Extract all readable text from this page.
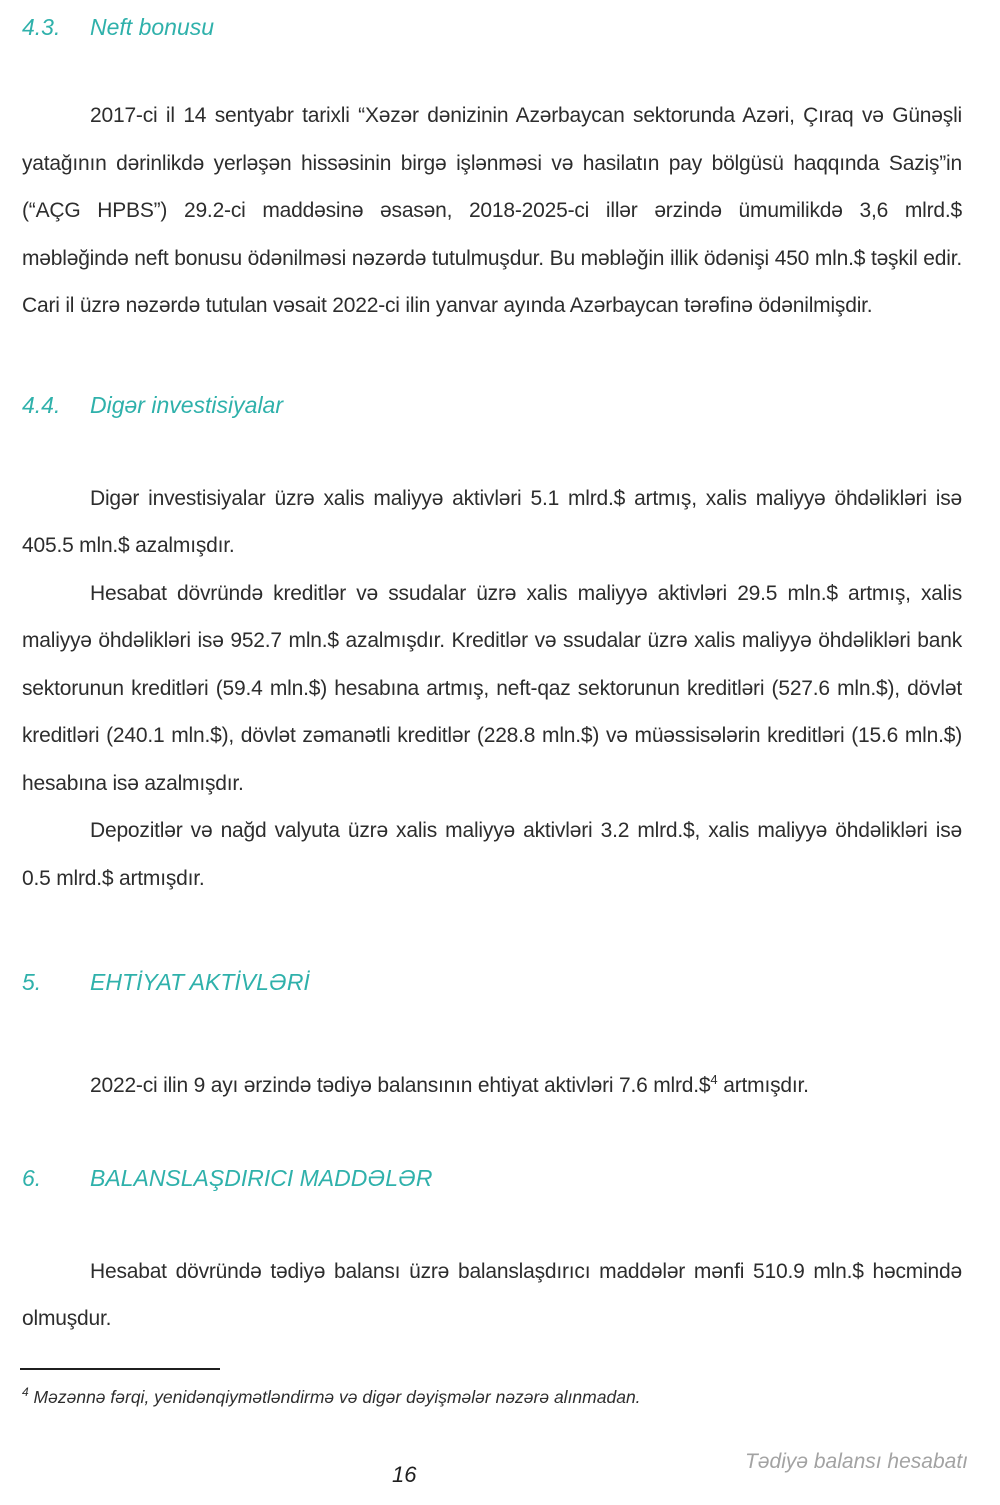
4.3.	Neft bonusu

2017-ci il 14 sentyabr tarixli “Xəzər dənizinin Azərbaycan sektorunda Azəri, Çıraq və Günəşli yatağının dərinlikdə yerləşən hissəsinin birgə işlənməsi və hasilatın pay bölgüsü haqqında Saziş”in (“AÇG HPBS”) 29.2-ci maddəsinə əsasən, 2018-2025-ci illər ərzində ümumilikdə 3,6 mlrd.$ məbləğində neft bonusu ödənilməsi nəzərdə tutulmuşdur. Bu məbləğin illik ödənişi 450 mln.$ təşkil edir. Cari il üzrə nəzərdə tutulan vəsait 2022-ci ilin yanvar ayında Azərbaycan tərəfinə ödənilmişdir.

4.4.	Digər investisiyalar

Digər investisiyalar üzrə xalis maliyyə aktivləri 5.1 mlrd.$ artmış, xalis maliyyə öhdəlikləri isə 405.5 mln.$ azalmışdır.

Hesabat dövründə kreditlər və ssudalar üzrə xalis maliyyə aktivləri 29.5 mln.$ artmış, xalis maliyyə öhdəlikləri isə 952.7 mln.$ azalmışdır. Kreditlər və ssudalar üzrə xalis maliyyə öhdəlikləri bank sektorunun kreditləri (59.4 mln.$) hesabına artmış, neft-qaz sektorunun kreditləri (527.6 mln.$), dövlət kreditləri (240.1 mln.$), dövlət zəmanətli kreditlər (228.8 mln.$) və müəssisələrin kreditləri (15.6 mln.$) hesabına isə azalmışdır.

Depozitlər və nağd valyuta üzrə xalis maliyyə aktivləri 3.2 mlrd.$, xalis maliyyə öhdəlikləri isə 0.5 mlrd.$ artmışdır.

5.	EHTİYAT AKTİVLƏRİ

2022-ci ilin 9 ayı ərzində tədiyə balansının ehtiyat aktivləri 7.6 mlrd.\$$^4$ artmışdır.

6.	BALANSLAŞDIRICI MADDƏLƏR

Hesabat dövründə tədiyə balansı üzrə balanslaşdırıcı maddələr mənfi 510.9 mln.$ həcmində olmuşdur.

$^4$ Məzənnə fərqi, yenidənqiymətləndirmə və digər dəyişmələr nəzərə alınmadan.

16
Tədiyə balansı hesabatı
